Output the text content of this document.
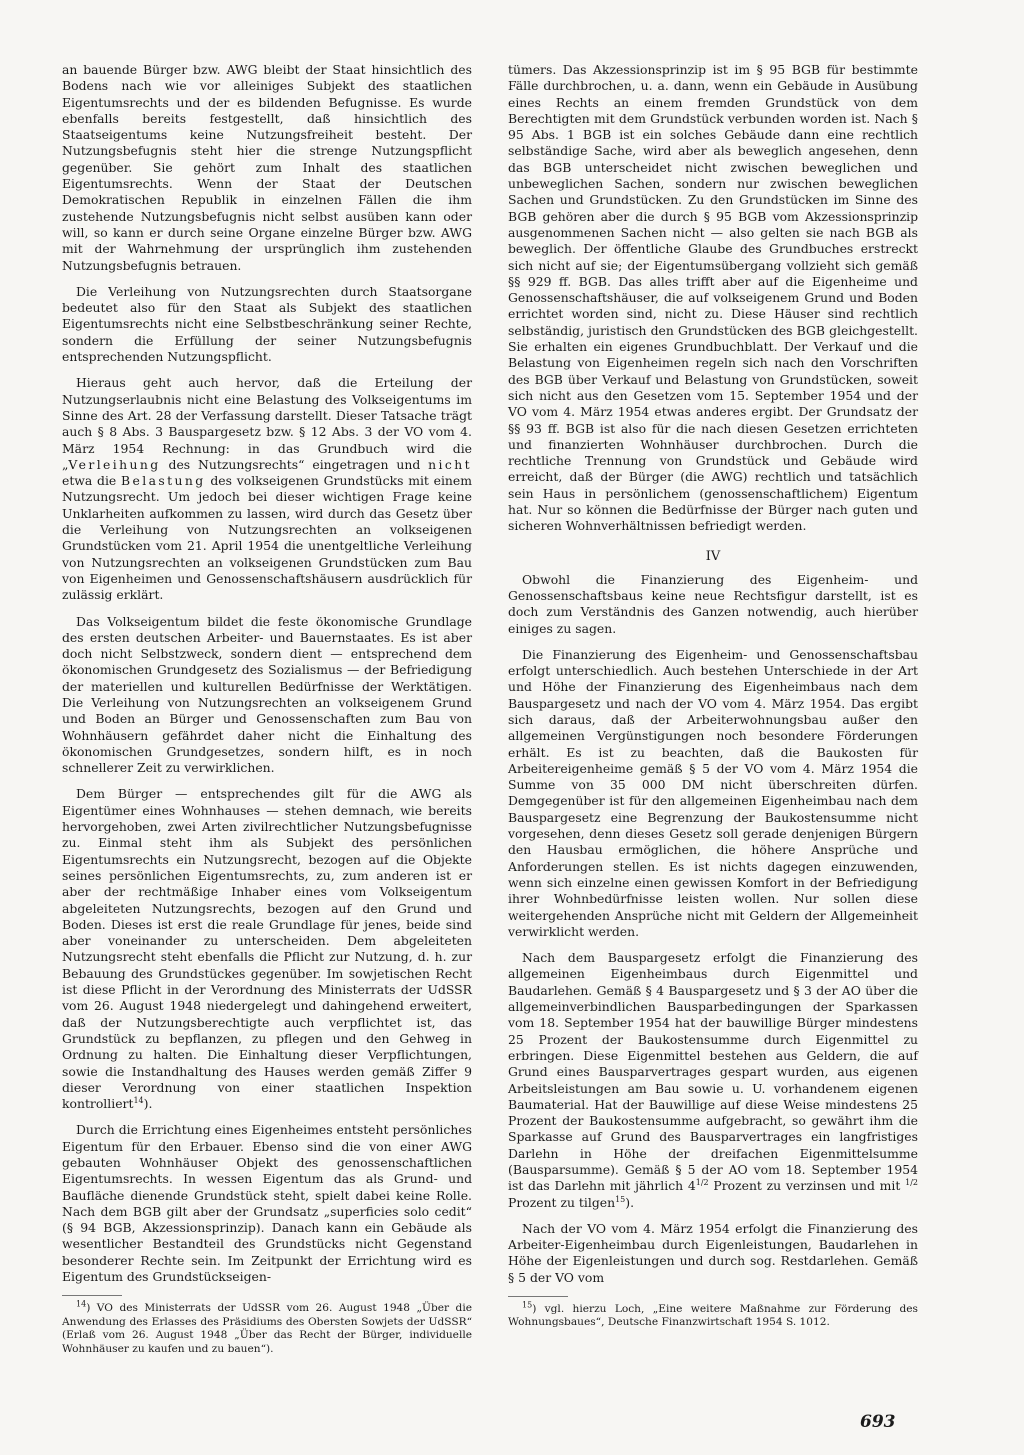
an bauende Bürger bzw. AWG bleibt der Staat hinsichtlich des Bodens nach wie vor alleiniges Subjekt des staatlichen Eigentumsrechts und der es bildenden Befugnisse. Es wurde ebenfalls bereits festgestellt, daß hinsichtlich des Staatseigentums keine Nutzungsfreiheit besteht. Der Nutzungsbefugnis steht hier die strenge Nutzungspflicht gegenüber. Sie gehört zum Inhalt des staatlichen Eigentumsrechts. Wenn der Staat der Deutschen Demokratischen Republik in einzelnen Fällen die ihm zustehende Nutzungsbefugnis nicht selbst ausüben kann oder will, so kann er durch seine Organe einzelne Bürger bzw. AWG mit der Wahrnehmung der ursprünglich ihm zustehenden Nutzungsbefugnis betrauen.

Die Verleihung von Nutzungsrechten durch Staatsorgane bedeutet also für den Staat als Subjekt des staatlichen Eigentumsrechts nicht eine Selbstbeschränkung seiner Rechte, sondern die Erfüllung der seiner Nutzungsbefugnis entsprechenden Nutzungspflicht.

Hieraus geht auch hervor, daß die Erteilung der Nutzungserlaubnis nicht eine Belastung des Volkseigentums im Sinne des Art. 28 der Verfassung darstellt. Dieser Tatsache trägt auch § 8 Abs. 3 Bauspargesetz bzw. § 12 Abs. 3 der VO vom 4. März 1954 Rechnung: in das Grundbuch wird die „Verleihung des Nutzungsrechts“ eingetragen und nicht etwa die Belastung des volkseigenen Grundstücks mit einem Nutzungsrecht. Um jedoch bei dieser wichtigen Frage keine Unklarheiten aufkommen zu lassen, wird durch das Gesetz über die Verleihung von Nutzungsrechten an volkseigenen Grundstücken vom 21. April 1954 die unentgeltliche Verleihung von Nutzungsrechten an volkseigenen Grundstücken zum Bau von Eigenheimen und Genossenschaftshäusern ausdrücklich für zulässig erklärt.

Das Volkseigentum bildet die feste ökonomische Grundlage des ersten deutschen Arbeiter- und Bauernstaates. Es ist aber doch nicht Selbstzweck, sondern dient — entsprechend dem ökonomischen Grundgesetz des Sozialismus — der Befriedigung der materiellen und kulturellen Bedürfnisse der Werktätigen. Die Verleihung von Nutzungsrechten an volkseigenem Grund und Boden an Bürger und Genossenschaften zum Bau von Wohnhäusern gefährdet daher nicht die Einhaltung des ökonomischen Grundgesetzes, sondern hilft, es in noch schnellerer Zeit zu verwirklichen.

Dem Bürger — entsprechendes gilt für die AWG als Eigentümer eines Wohnhauses — stehen demnach, wie bereits hervorgehoben, zwei Arten zivilrechtlicher Nutzungsbefugnisse zu. Einmal steht ihm als Subjekt des persönlichen Eigentumsrechts ein Nutzungsrecht, bezogen auf die Objekte seines persönlichen Eigentumsrechts, zu, zum anderen ist er aber der rechtmäßige Inhaber eines vom Volkseigentum abgeleiteten Nutzungsrechts, bezogen auf den Grund und Boden. Dieses ist erst die reale Grundlage für jenes, beide sind aber voneinander zu unterscheiden. Dem abgeleiteten Nutzungsrecht steht ebenfalls die Pflicht zur Nutzung, d. h. zur Bebauung des Grundstückes gegenüber. Im sowjetischen Recht ist diese Pflicht in der Verordnung des Ministerrats der UdSSR vom 26. August 1948 niedergelegt und dahingehend erweitert, daß der Nutzungsberechtigte auch verpflichtet ist, das Grundstück zu bepflanzen, zu pflegen und den Gehweg in Ordnung zu halten. Die Einhaltung dieser Verpflichtungen, sowie die Instandhaltung des Hauses werden gemäß Ziffer 9 dieser Verordnung von einer staatlichen Inspektion kontrolliert$^{14}$).

Durch die Errichtung eines Eigenheimes entsteht persönliches Eigentum für den Erbauer. Ebenso sind die von einer AWG gebauten Wohnhäuser Objekt des genossenschaftlichen Eigentumsrechts. In wessen Eigentum das als Grund- und Baufläche dienende Grundstück steht, spielt dabei keine Rolle. Nach dem BGB gilt aber der Grundsatz „superficies solo cedit“ (§ 94 BGB, Akzessionsprinzip). Danach kann ein Gebäude als wesentlicher Bestandteil des Grundstücks nicht Gegenstand besonderer Rechte sein. Im Zeitpunkt der Errichtung wird es Eigentum des Grundstückseigen-

$^{14}$) VO des Ministerrats der UdSSR vom 26. August 1948 „Über die Anwendung des Erlasses des Präsidiums des Obersten Sowjets der UdSSR“ (Erlaß vom 26. August 1948 „Über das Recht der Bürger, individuelle Wohnhäuser zu kaufen und zu bauen“).

tümers. Das Akzessionsprinzip ist im § 95 BGB für bestimmte Fälle durchbrochen, u. a. dann, wenn ein Gebäude in Ausübung eines Rechts an einem fremden Grundstück von dem Berechtigten mit dem Grundstück verbunden worden ist. Nach § 95 Abs. 1 BGB ist ein solches Gebäude dann eine rechtlich selbständige Sache, wird aber als beweglich angesehen, denn das BGB unterscheidet nicht zwischen beweglichen und unbeweglichen Sachen, sondern nur zwischen beweglichen Sachen und Grundstücken. Zu den Grundstücken im Sinne des BGB gehören aber die durch § 95 BGB vom Akzessionsprinzip ausgenommenen Sachen nicht — also gelten sie nach BGB als beweglich. Der öffentliche Glaube des Grundbuches erstreckt sich nicht auf sie; der Eigentumsübergang vollzieht sich gemäß §§ 929 ff. BGB. Das alles trifft aber auf die Eigenheime und Genossenschaftshäuser, die auf volkseigenem Grund und Boden errichtet worden sind, nicht zu. Diese Häuser sind rechtlich selbständig, juristisch den Grundstücken des BGB gleichgestellt. Sie erhalten ein eigenes Grundbuchblatt. Der Verkauf und die Belastung von Eigenheimen regeln sich nach den Vorschriften des BGB über Verkauf und Belastung von Grundstücken, soweit sich nicht aus den Gesetzen vom 15. September 1954 und der VO vom 4. März 1954 etwas anderes ergibt. Der Grundsatz der §§ 93 ff. BGB ist also für die nach diesen Gesetzen errichteten und finanzierten Wohnhäuser durchbrochen. Durch die rechtliche Trennung von Grundstück und Gebäude wird erreicht, daß der Bürger (die AWG) rechtlich und tatsächlich sein Haus in persönlichem (genossenschaftlichem) Eigentum hat. Nur so können die Bedürfnisse der Bürger nach guten und sicheren Wohnverhältnissen befriedigt werden.

IV

Obwohl die Finanzierung des Eigenheim- und Genossenschaftsbaus keine neue Rechtsfigur darstellt, ist es doch zum Verständnis des Ganzen notwendig, auch hierüber einiges zu sagen.

Die Finanzierung des Eigenheim- und Genossenschaftsbau erfolgt unterschiedlich. Auch bestehen Unterschiede in der Art und Höhe der Finanzierung des Eigenheimbaus nach dem Bauspargesetz und nach der VO vom 4. März 1954. Das ergibt sich daraus, daß der Arbeiterwohnungsbau außer den allgemeinen Vergünstigungen noch besondere Förderungen erhält. Es ist zu beachten, daß die Baukosten für Arbeitereigenheime gemäß § 5 der VO vom 4. März 1954 die Summe von 35 000 DM nicht überschreiten dürfen. Demgegenüber ist für den allgemeinen Eigenheimbau nach dem Bauspargesetz eine Begrenzung der Baukostensumme nicht vorgesehen, denn dieses Gesetz soll gerade denjenigen Bürgern den Hausbau ermöglichen, die höhere Ansprüche und Anforderungen stellen. Es ist nichts dagegen einzuwenden, wenn sich einzelne einen gewissen Komfort in der Befriedigung ihrer Wohnbedürfnisse leisten wollen. Nur sollen diese weitergehenden Ansprüche nicht mit Geldern der Allgemeinheit verwirklicht werden.

Nach dem Bauspargesetz erfolgt die Finanzierung des allgemeinen Eigenheimbaus durch Eigenmittel und Baudarlehen. Gemäß § 4 Bauspargesetz und § 3 der AO über die allgemeinverbindlichen Bausparbedingungen der Sparkassen vom 18. September 1954 hat der bauwillige Bürger mindestens 25 Prozent der Baukostensumme durch Eigenmittel zu erbringen. Diese Eigenmittel bestehen aus Geldern, die auf Grund eines Bausparvertrages gespart wurden, aus eigenen Arbeitsleistungen am Bau sowie u. U. vorhandenem eigenen Baumaterial. Hat der Bauwillige auf diese Weise mindestens 25 Prozent der Baukostensumme aufgebracht, so gewährt ihm die Sparkasse auf Grund des Bausparvertrages ein langfristiges Darlehn in Höhe der dreifachen Eigenmittelsumme (Bausparsumme). Gemäß § 5 der AO vom 18. September 1954 ist das Darlehn mit jährlich $4^{1/2}$ Prozent zu verzinsen und mit $^{1/2}$ Prozent zu tilgen$^{15}$).

Nach der VO vom 4. März 1954 erfolgt die Finanzierung des Arbeiter-Eigenheimbau durch Eigenleistungen, Baudarlehen in Höhe der Eigenleistungen und durch sog. Restdarlehen. Gemäß § 5 der VO vom

$^{15}$) vgl. hierzu Loch, „Eine weitere Maßnahme zur Förderung des Wohnungsbaues“, Deutsche Finanzwirtschaft 1954 S. 1012.

693
